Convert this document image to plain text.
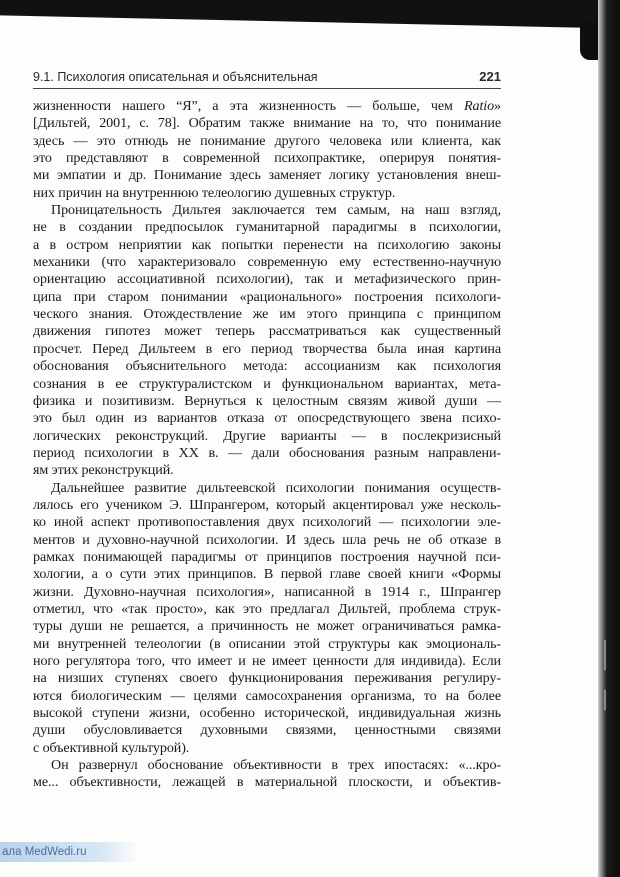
9.1. Психология описательная и объяснительная	221
жизненности нашего “Я”, а эта жизненность — больше, чем Ratio»
[Дильтей, 2001, с. 78]. Обратим также внимание на то, что понимание
здесь — это отнюдь не понимание другого человека или клиента, как
это представляют в современной психопрактике, оперируя понятия-
ми эмпатии и др. Понимание здесь заменяет логику установления внеш-
них причин на внутреннюю телеологию душевных структур.
Проницательность Дильтея заключается тем самым, на наш взгляд,
не в создании предпосылок гуманитарной парадигмы в психологии,
а в остром неприятии как попытки перенести на психологию законы
механики (что характеризовало современную ему естественно-научную
ориентацию ассоциативной психологии), так и метафизического прин-
ципа при старом понимании «рационального» построения психологи-
ческого знания. Отождествление же им этого принципа с принципом
движения гипотез может теперь рассматриваться как существенный
просчет. Перед Дильтеем в его период творчества была иная картина
обоснования объяснительного метода: ассоцианизм как психология
сознания в ее структуралистском и функциональном вариантах, мета-
физика и позитивизм. Вернуться к целостным связям живой души —
это был один из вариантов отказа от опосредствующего звена психо-
логических реконструкций. Другие варианты — в послекризисный
период психологии в XX в. — дали обоснования разным направлени-
ям этих реконструкций.
Дальнейшее развитие дильтеевской психологии понимания осуществ-
лялось его учеником Э. Шпрангером, который акцентировал уже несколь-
ко иной аспект противопоставления двух психологий — психологии эле-
ментов и духовно-научной психологии. И здесь шла речь не об отказе в
рамках понимающей парадигмы от принципов построения научной пси-
хологии, а о сути этих принципов. В первой главе своей книги «Формы
жизни. Духовно-научная психология», написанной в 1914 г., Шпрангер
отметил, что «так просто», как это предлагал Дильтей, проблема струк-
туры души не решается, а причинность не может ограничиваться рамка-
ми внутренней телеологии (в описании этой структуры как эмоциональ-
ного регулятора того, что имеет и не имеет ценности для индивида). Если
на низших ступенях своего функционирования переживания регулиру-
ются биологическим — целями самосохранения организма, то на более
высокой ступени жизни, особенно исторической, индивидуальная жизнь
души обусловливается духовными связями, ценностными связями
с объективной культурой).
Он развернул обоснование объективности в трех ипостасях: «...кро-
ме... объективности, лежащей в материальной плоскости, и объектив-
ала MedWedi.ru
